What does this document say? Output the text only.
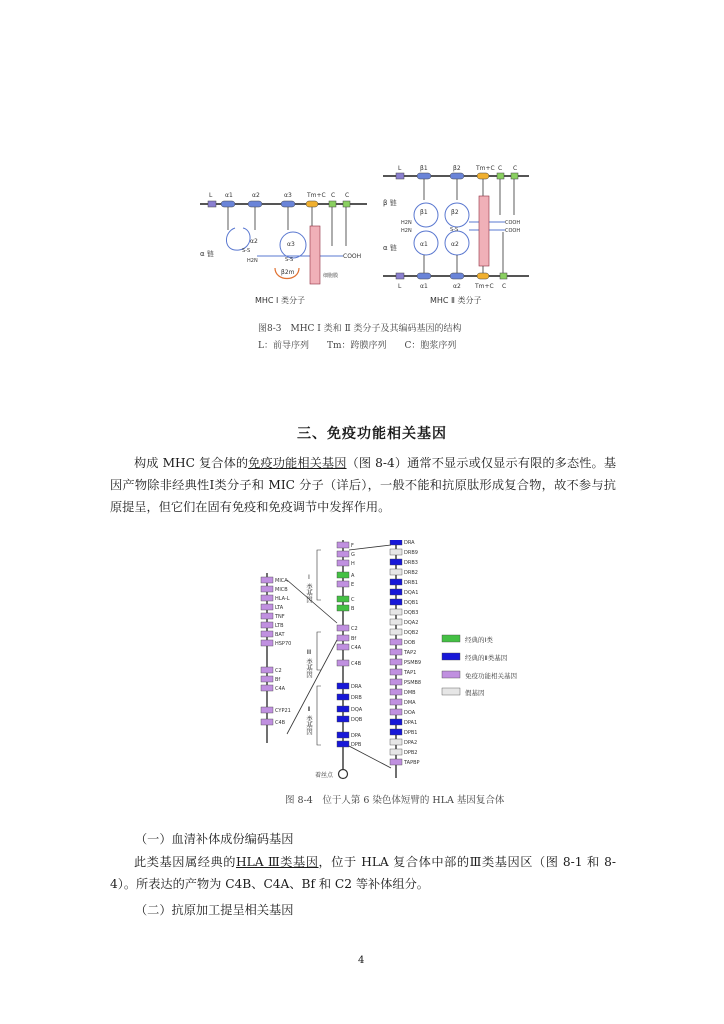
L α1	α2	α3	Tm+C C C
α 链
α2	α3
β2m
S-S
S-S
H2N
COOH
细胞膜
MHC Ⅰ 类分子
L	β1	β2	Tm+C C C
β 链
α 链
β1	β2
α1	α2
H2N
H2N	S-S
COOH
COOH
L	α1	α2 Tm+C C
MHC Ⅱ 类分子
图8-3　MHC Ⅰ 类和 Ⅱ 类分子及其编码基因的结构
L：前导序列　　Tm：跨膜序列　　C：胞浆序列
三、免疫功能相关基因
构成 MHC 复合体的免疫功能相关基因（图 8-4）通常不显示或仅显示有限的多态性。基因产物除非经典性Ⅰ类分子和 MIC 分子（详后），一般不能和抗原肽形成复合物，故不参与抗原提呈，但它们在固有免疫和免疫调节中发挥作用。
MICA
MICB
HLA-L
LTA
TNF
LTB
BAT
HSP70
C2
Bf
C4A
CYP21
C4B
F
G
H
A
E
C
B
C2
Bf
C4A
C4B
DRA
DRB
DQA
DQB
DPA
DPB
DRA
DRB9
DRB3
DRB2
DRB1
DQA1
DQB1
DQB3
DQA2
DQB2
DOB
TAP2
PSMB9
TAP1
PSMB8
DMB
DMA
DOA
DPA1
DPB1
DPA2
DPB2
TAPBP
Ⅰ 类基因
Ⅲ 类基因
Ⅱ 类基因
着丝点
经典的Ⅰ类
经典的Ⅱ类基因
免疫功能相关基因
假基因
图 8-4　位于人第 6 染色体短臂的 HLA 基因复合体
（一）血清补体成份编码基因
此类基因属经典的HLA Ⅲ类基因，位于 HLA 复合体中部的Ⅲ类基因区（图 8-1 和 8-4）。所表达的产物为 C4B、C4A、Bf 和 C2 等补体组分。
（二）抗原加工提呈相关基因
4
